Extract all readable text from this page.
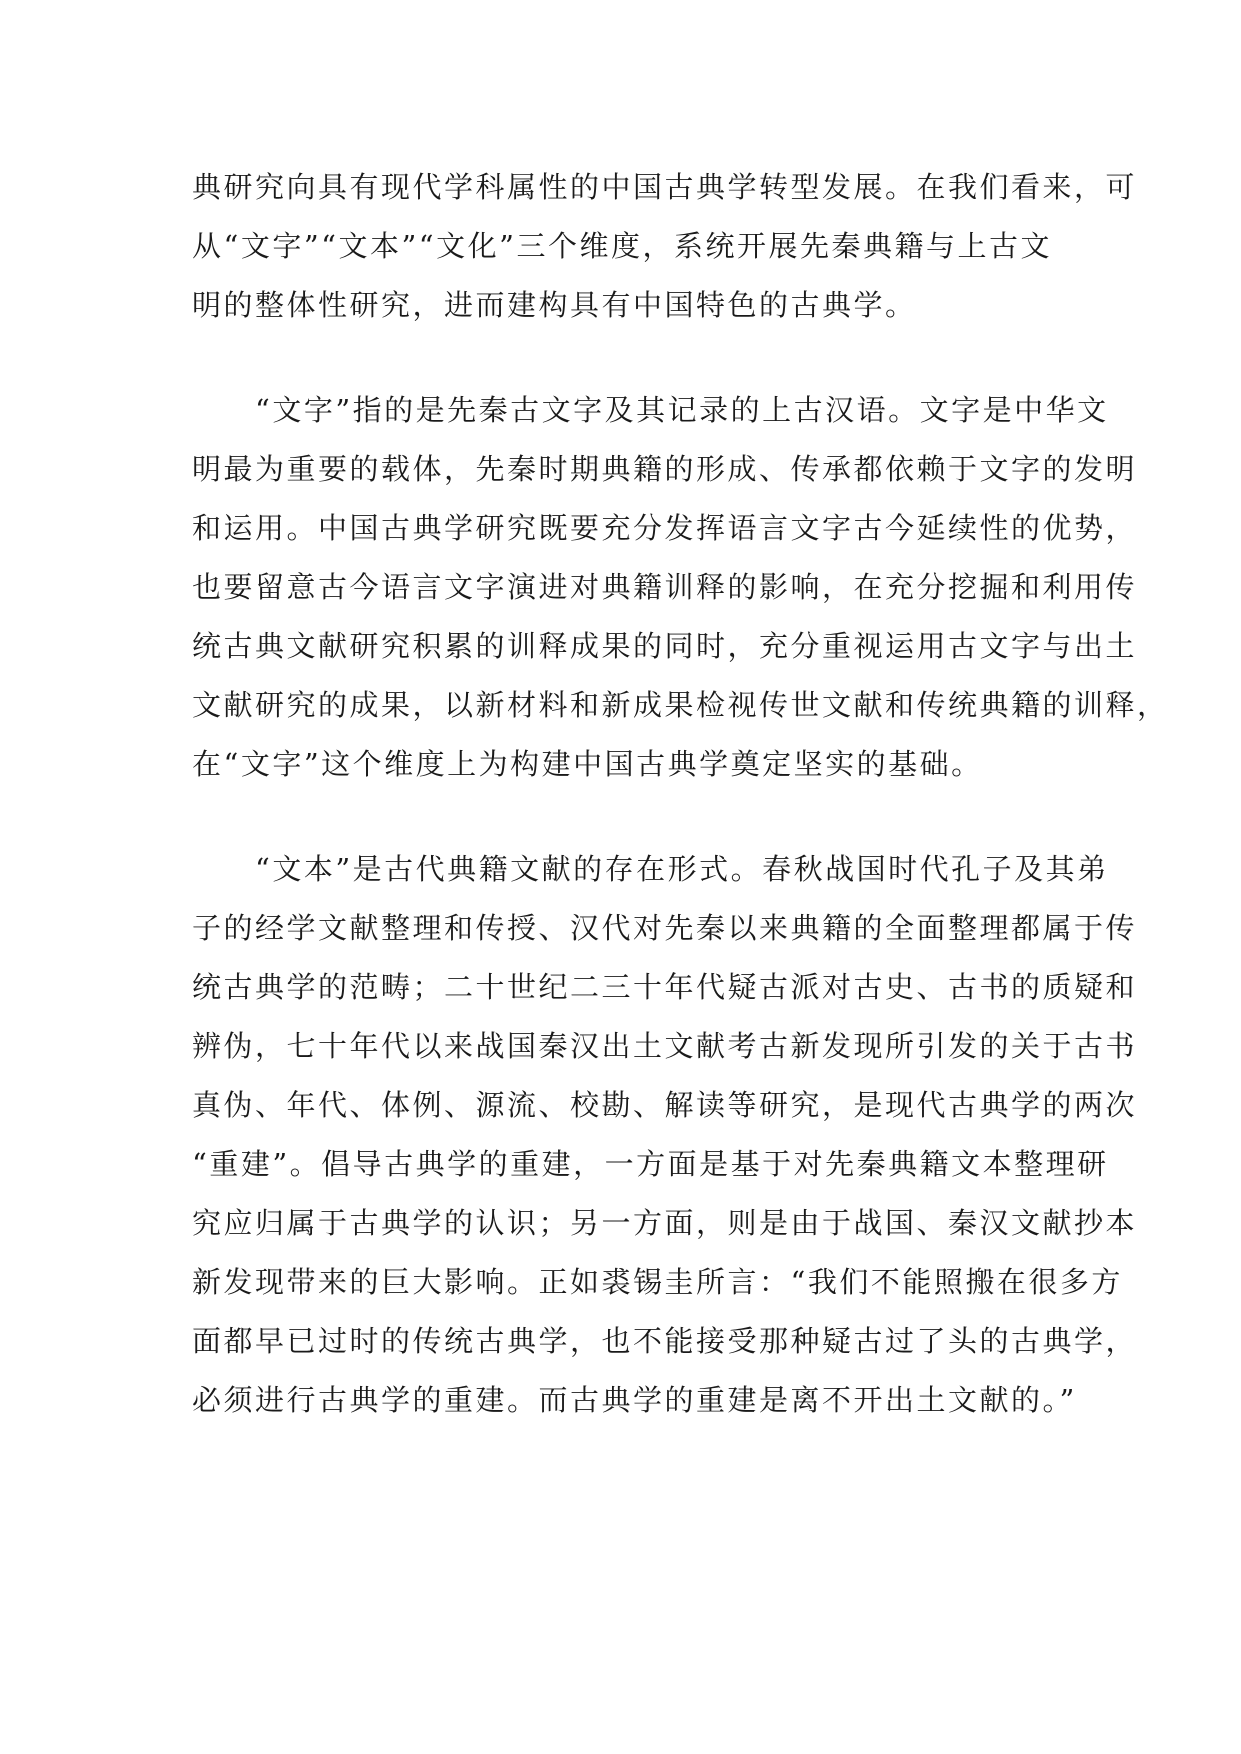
典研究向具有现代学科属性的中国古典学转型发展。在我们看来，可
从“文字”“文本”“文化”三个维度，系统开展先秦典籍与上古文
明的整体性研究，进而建构具有中国特色的古典学。
　　“文字”指的是先秦古文字及其记录的上古汉语。文字是中华文
明最为重要的载体，先秦时期典籍的形成、传承都依赖于文字的发明
和运用。中国古典学研究既要充分发挥语言文字古今延续性的优势，
也要留意古今语言文字演进对典籍训释的影响，在充分挖掘和利用传
统古典文献研究积累的训释成果的同时，充分重视运用古文字与出土
文献研究的成果，以新材料和新成果检视传世文献和传统典籍的训释，
在“文字”这个维度上为构建中国古典学奠定坚实的基础。
　　“文本”是古代典籍文献的存在形式。春秋战国时代孔子及其弟
子的经学文献整理和传授、汉代对先秦以来典籍的全面整理都属于传
统古典学的范畴；二十世纪二三十年代疑古派对古史、古书的质疑和
辨伪，七十年代以来战国秦汉出土文献考古新发现所引发的关于古书
真伪、年代、体例、源流、校勘、解读等研究，是现代古典学的两次
“重建”。倡导古典学的重建，一方面是基于对先秦典籍文本整理研
究应归属于古典学的认识；另一方面，则是由于战国、秦汉文献抄本
新发现带来的巨大影响。正如裘锡圭所言：“我们不能照搬在很多方
面都早已过时的传统古典学，也不能接受那种疑古过了头的古典学，
必须进行古典学的重建。而古典学的重建是离不开出土文献的。”
